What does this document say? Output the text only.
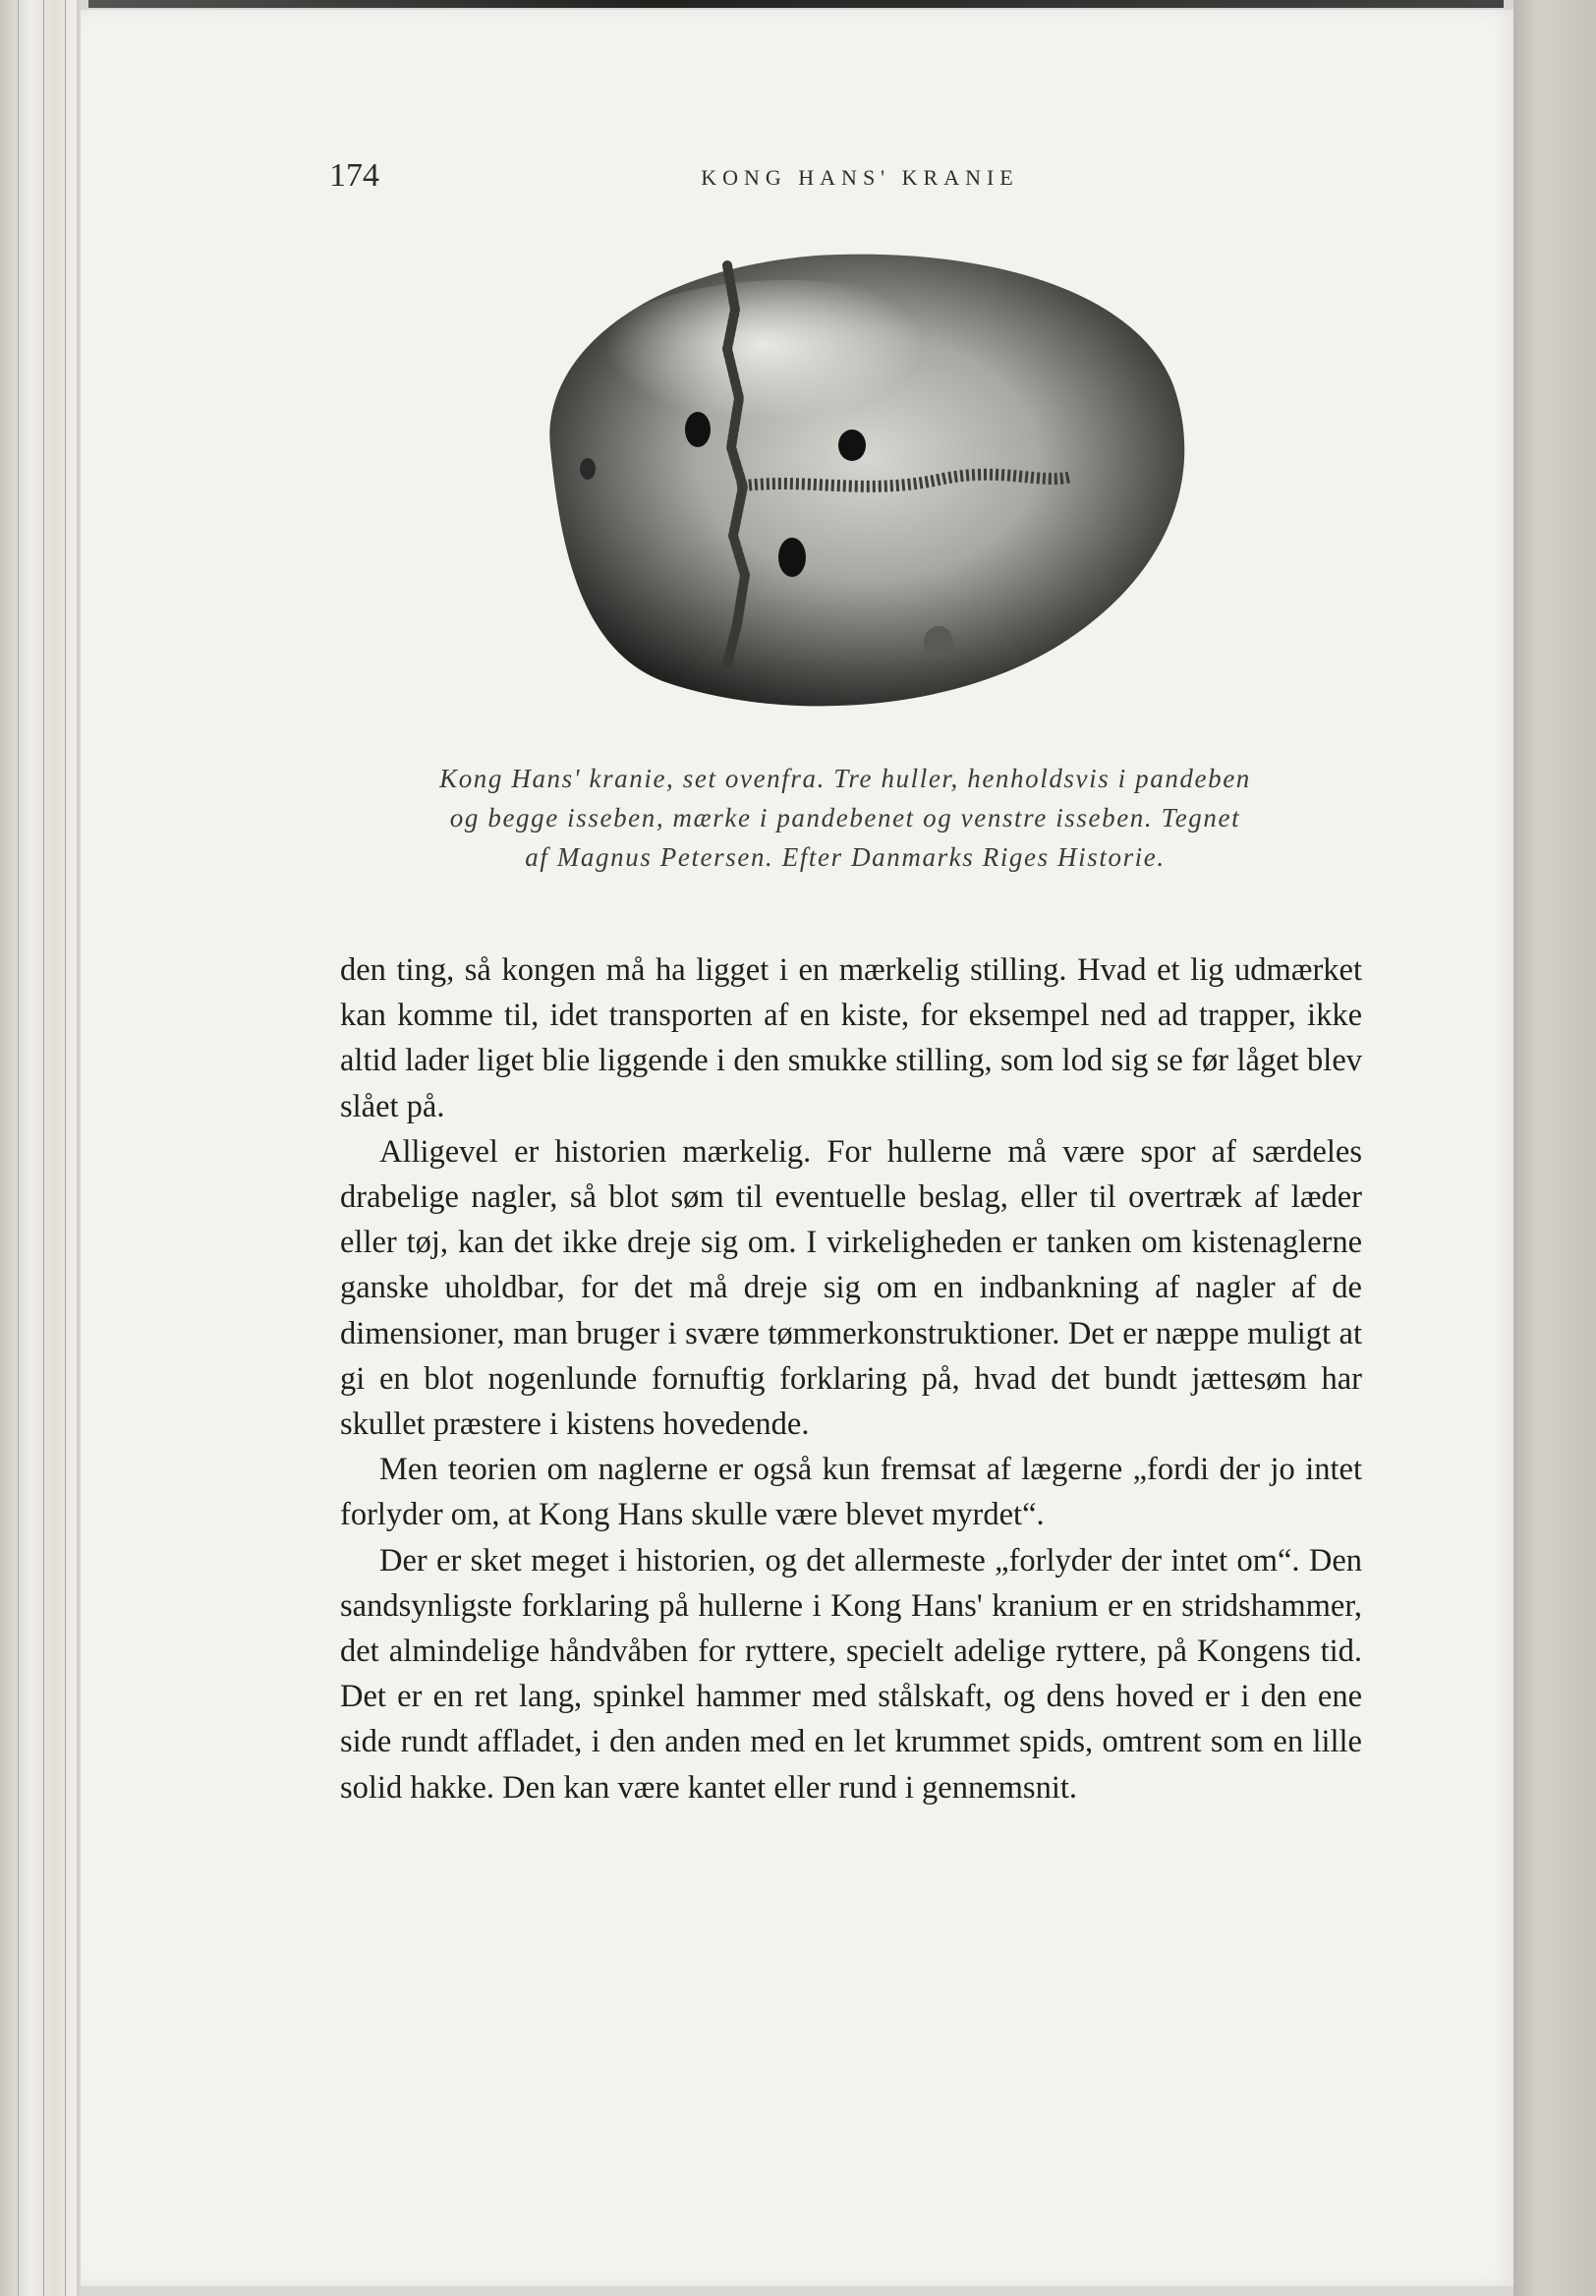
174	KONG HANS' KRANIE
Kong Hans' kranie, set ovenfra. Tre huller, henholdsvis i pandeben
og begge isseben, mærke i pandebenet og venstre isseben. Tegnet
af Magnus Petersen. Efter Danmarks Riges Historie.

den ting, så kongen må ha ligget i en mærkelig stilling. Hvad et lig udmærket kan komme til, idet transporten af en kiste, for eksempel ned ad trapper, ikke altid lader liget blie liggende i den smukke stilling, som lod sig se før låget blev slået på.

Alligevel er historien mærkelig. For hullerne må være spor af særdeles drabelige nagler, så blot søm til eventuelle beslag, eller til overtræk af læder eller tøj, kan det ikke dreje sig om. I virkeligheden er tanken om kistenaglerne ganske uholdbar, for det må dreje sig om en indbankning af nagler af de dimensioner, man bruger i svære tømmerkonstruktioner. Det er næppe muligt at gi en blot nogenlunde fornuftig forklaring på, hvad det bundt jættesøm har skullet præstere i kistens hovedende.

Men teorien om naglerne er også kun fremsat af lægerne „fordi der jo intet forlyder om, at Kong Hans skulle være blevet myrdet“.

Der er sket meget i historien, og det allermeste „forlyder der intet om“. Den sandsynligste forklaring på hullerne i Kong Hans' kranium er en stridshammer, det almindelige håndvåben for ryttere, specielt adelige ryttere, på Kongens tid. Det er en ret lang, spinkel hammer med stålskaft, og dens hoved er i den ene side rundt affladet, i den anden med en let krummet spids, omtrent som en lille solid hakke. Den kan være kantet eller rund i gennemsnit.
